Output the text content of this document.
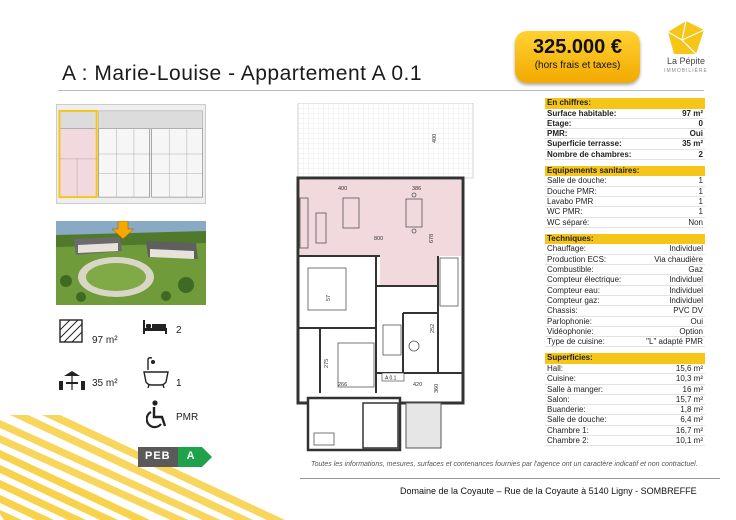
A : Marie-Louise - Appartement A 0.1
325.000 €
(hors frais et taxes)	La Pépite
IMMOBILIÈRE
97 m²
2
35 m²	1
PMR
PEB	A
400	386
800	678
400
57
275
266	420 360
252
A 0.1
En chiffres:
Surface habitable:	97 m²
Etage:	0
PMR:	Oui
Superficie terrasse:	35 m²
Nombre de chambres:	2
Equipements sanitaires:
Salle de douche:	1
Douche PMR:	1
Lavabo PMR	1
WC PMR:	1
WC séparé:	Non
Techniques:
Chauffage:	Individuel
Production ECS:	Via chaudière
Combustible:	Gaz
Compteur électrique:	Individuel
Compteur eau:	Individuel
Compteur gaz:	Individuel
Chassis:	PVC DV
Parlophonie:	Oui
Vidéophonie:	Option
Type de cuisine:	"L" adapté PMR
Superficies:
Hall:	15,6 m²
Cuisine:	10,3 m²
Salle à manger:	16 m²
Salon:	15,7 m²
Buanderie:	1,8 m²
Salle de douche:	6,4 m²
Chambre 1:	16,7 m²
Chambre 2:	10,1 m²
Toutes les informations, mesures, surfaces et contenances fournies par l'agence ont un caractère indicatif et non contractuel.
Domaine de la Coyaute – Rue de la Coyaute à 5140 Ligny - SOMBREFFE
